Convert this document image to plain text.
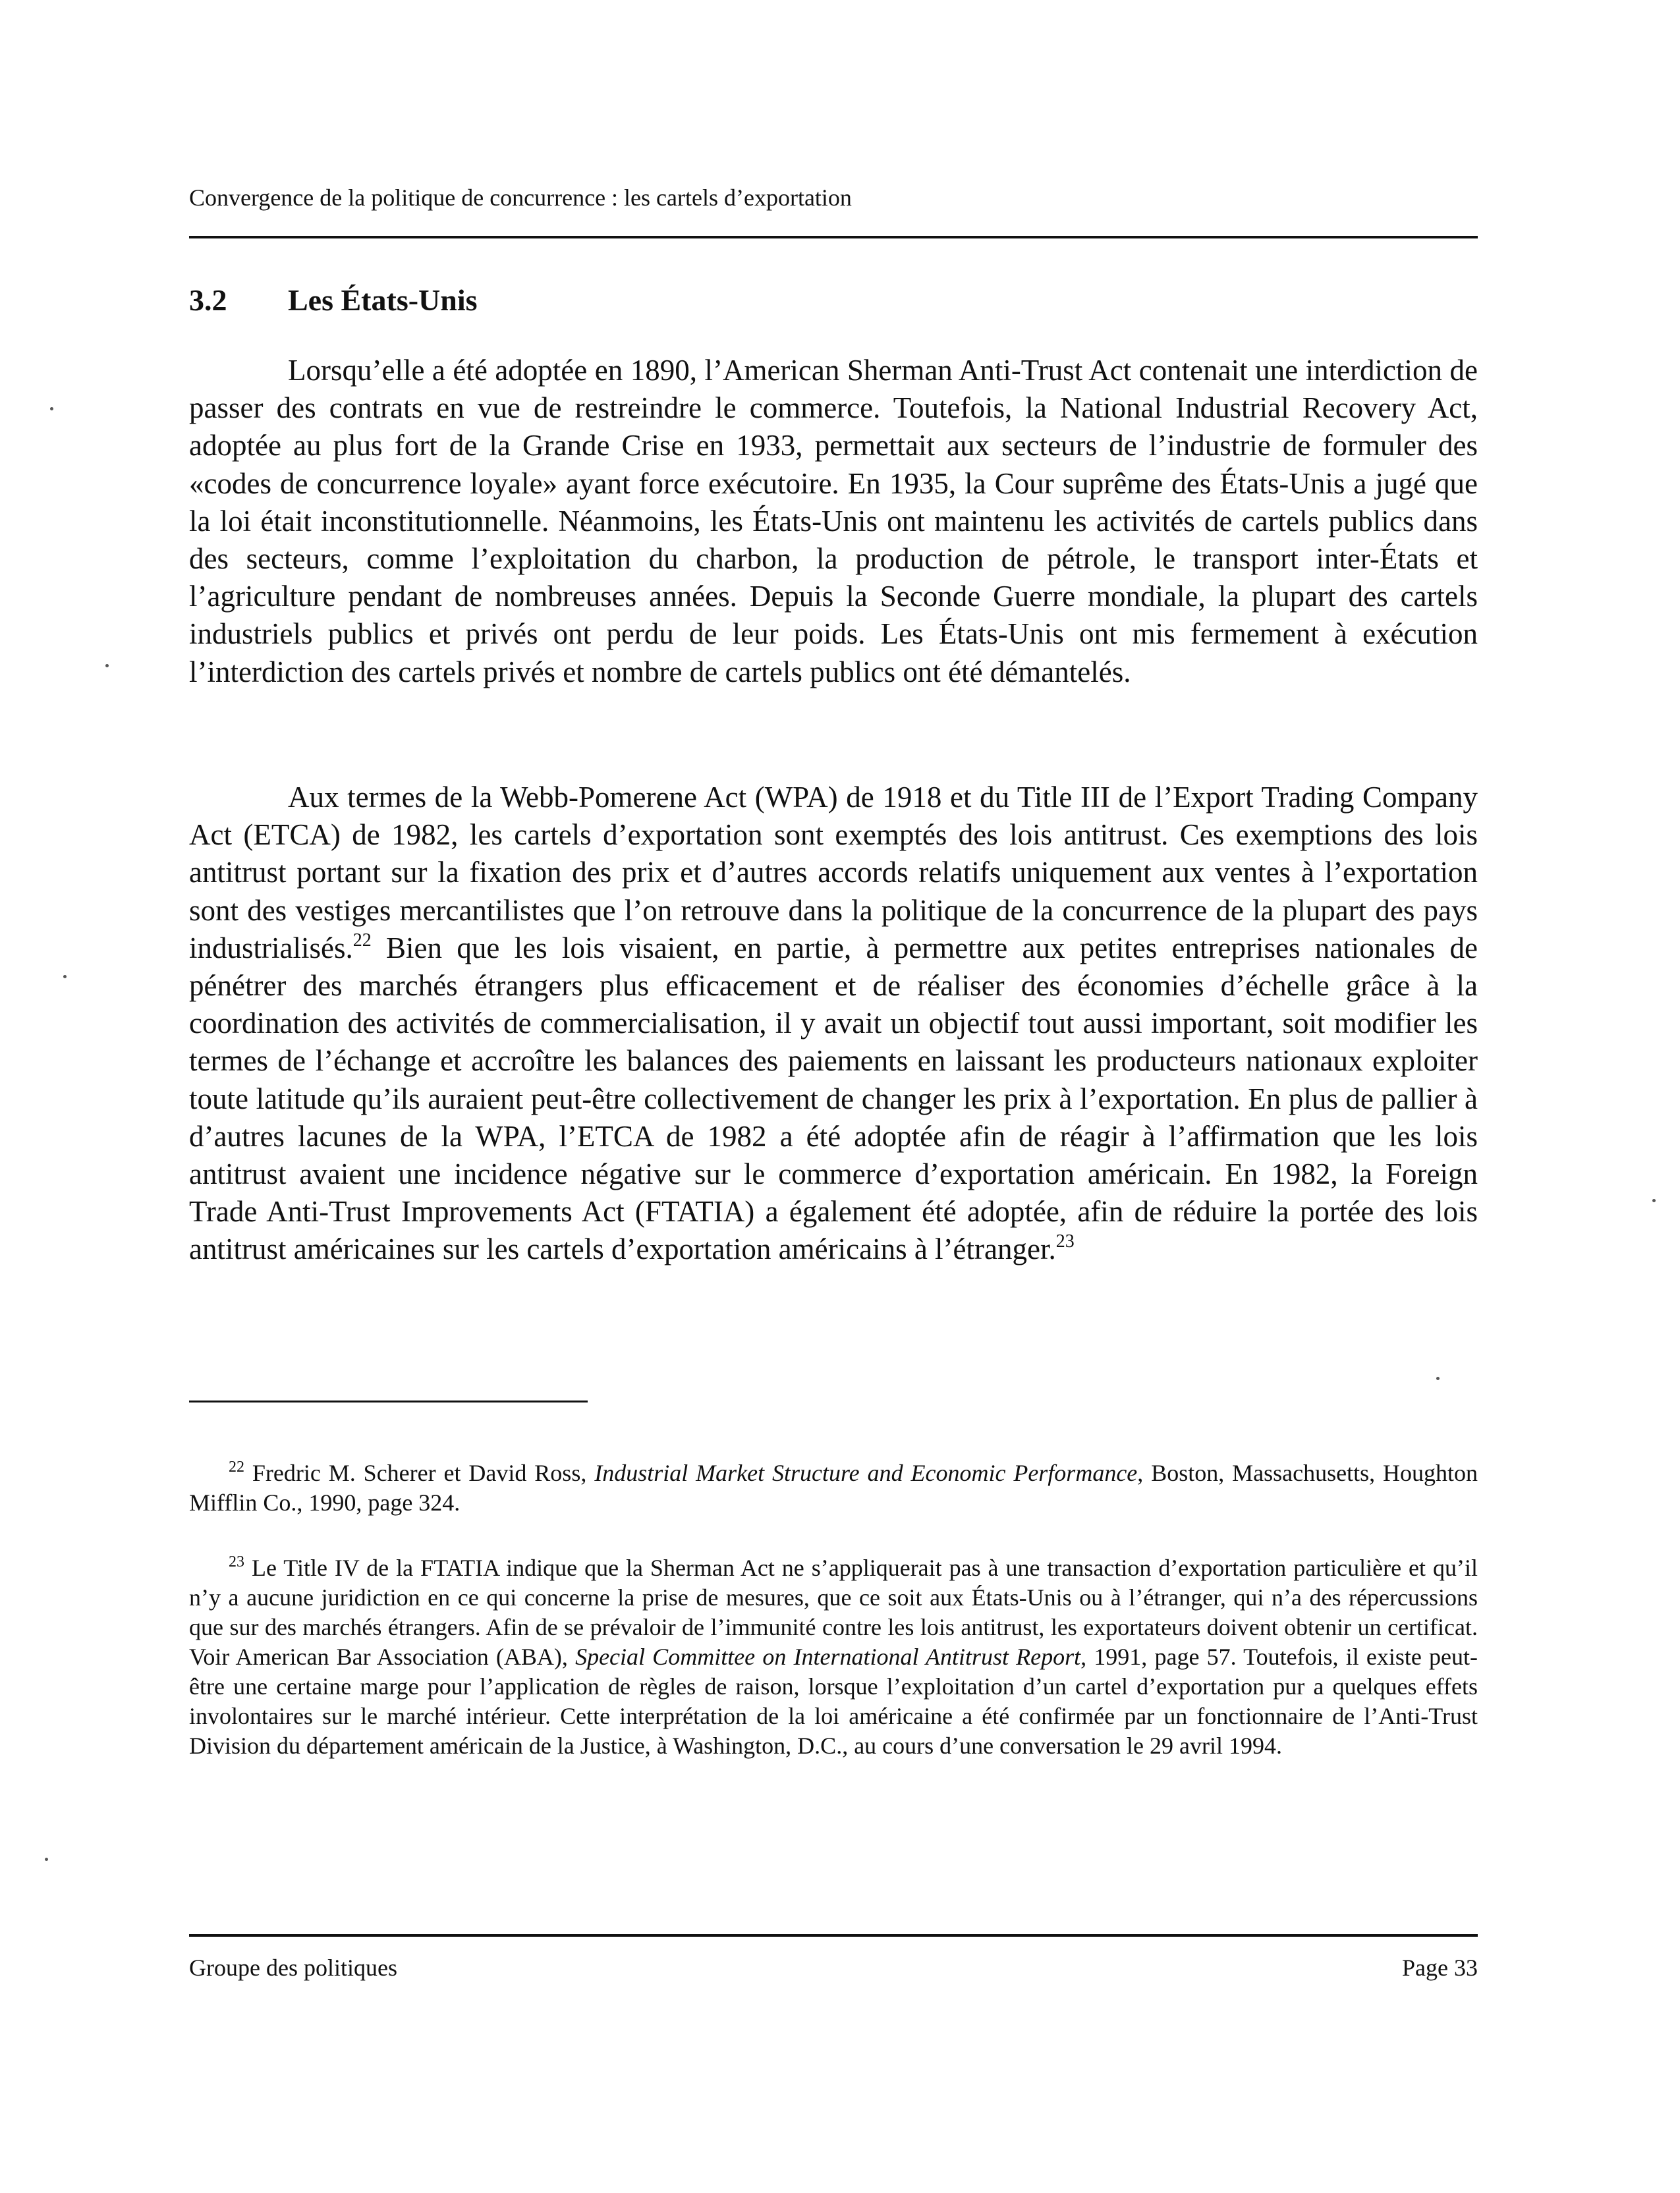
Convergence de la politique de concurrence : les cartels d’exportation
3.2 Les États-Unis

Lorsqu’elle a été adoptée en 1890, l’American Sherman Anti-Trust Act contenait une interdiction de passer des contrats en vue de restreindre le commerce. Toutefois, la National Industrial Recovery Act, adoptée au plus fort de la Grande Crise en 1933, permettait aux secteurs de l’industrie de formuler des «codes de concurrence loyale» ayant force exécutoire. En 1935, la Cour suprême des États-Unis a jugé que la loi était inconstitutionnelle. Néanmoins, les États-Unis ont maintenu les activités de cartels publics dans des secteurs, comme l’exploitation du charbon, la production de pétrole, le transport inter-États et l’agriculture pendant de nombreuses années. Depuis la Seconde Guerre mondiale, la plupart des cartels industriels publics et privés ont perdu de leur poids. Les États-Unis ont mis fermement à exécution l’interdiction des cartels privés et nombre de cartels publics ont été démantelés.

Aux termes de la Webb-Pomerene Act (WPA) de 1918 et du Title III de l’Export Trading Company Act (ETCA) de 1982, les cartels d’exportation sont exemptés des lois antitrust. Ces exemptions des lois antitrust portant sur la fixation des prix et d’autres accords relatifs uniquement aux ventes à l’exportation sont des vestiges mercantilistes que l’on retrouve dans la politique de la concurrence de la plupart des pays industrialisés.$^{22}$ Bien que les lois visaient, en partie, à permettre aux petites entreprises nationales de pénétrer des marchés étrangers plus efficacement et de réaliser des économies d’échelle grâce à la coordination des activités de commercialisation, il y avait un objectif tout aussi important, soit modifier les termes de l’échange et accroître les balances des paiements en laissant les producteurs nationaux exploiter toute latitude qu’ils auraient peut-être collectivement de changer les prix à l’exportation. En plus de pallier à d’autres lacunes de la WPA, l’ETCA de 1982 a été adoptée afin de réagir à l’affirmation que les lois antitrust avaient une incidence négative sur le commerce d’exportation américain. En 1982, la Foreign Trade Anti-Trust Improvements Act (FTATIA) a également été adoptée, afin de réduire la portée des lois antitrust américaines sur les cartels d’exportation américains à l’étranger.$^{23}$

$^{22}$ Fredric M. Scherer et David Ross, Industrial Market Structure and Economic Performance, Boston, Massachusetts, Houghton Mifflin Co., 1990, page 324.

$^{23}$ Le Title IV de la FTATIA indique que la Sherman Act ne s’appliquerait pas à une transaction d’exportation particulière et qu’il n’y a aucune juridiction en ce qui concerne la prise de mesures, que ce soit aux États-Unis ou à l’étranger, qui n’a des répercussions que sur des marchés étrangers. Afin de se prévaloir de l’immunité contre les lois antitrust, les exportateurs doivent obtenir un certificat. Voir American Bar Association (ABA), Special Committee on International Antitrust Report, 1991, page 57. Toutefois, il existe peut-être une certaine marge pour l’application de règles de raison, lorsque l’exploitation d’un cartel d’exportation pur a quelques effets involontaires sur le marché intérieur. Cette interprétation de la loi américaine a été confirmée par un fonctionnaire de l’Anti-Trust Division du département américain de la Justice, à Washington, D.C., au cours d’une conversation le 29 avril 1994.

Groupe des politiques	Page 33
